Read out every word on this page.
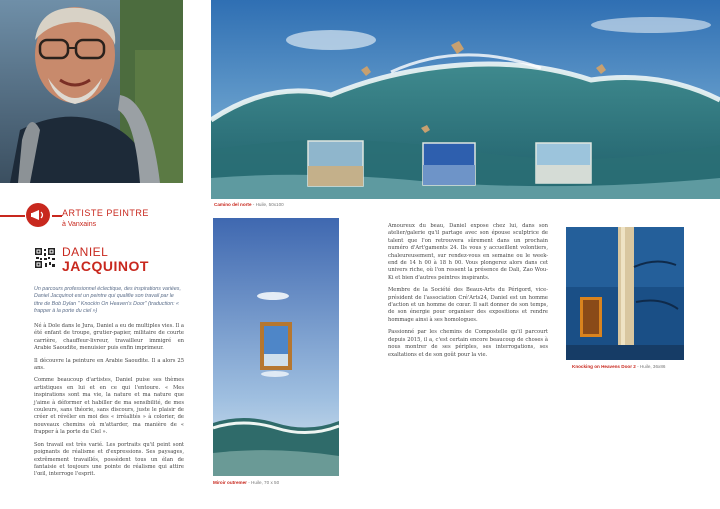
ARTISTE PEINTRE
à Vanxains
DANIEL
JACQUINOT
Un parcours professionnel éclectique, des inspirations variées, Daniel Jacquinot est un peintre qui qualifie son travail par le titre de Bob Dylan " Knockin On Heaven's Door" (traduction: « frapper à la porte du ciel »)

Né à Dole dans le Jura, Daniel a eu de multiples vies. Il a été enfant de troupe, grutier-papier, militaire de courte carrière, chauffeur-livreur, travailleur immigré en Arabie Saoudite, menuisier puis enfin imprimeur.

Il découvre la peinture en Arabie Saoudite. Il a alors 25 ans.

Comme beaucoup d'artistes, Daniel puise ses thèmes artistiques en lui et en ce qui l'entoure. « Mes inspirations sont ma vie, la nature et ma nature que j'aime à déformer et habiller de ma sensibilité, de mes couleurs, sans théorie, sans discours, juste le plaisir de créer et révéler en moi des « irréalités » à colorier, de nouveaux chemins où m'attarder, ma manière de « frapper à la porte du Ciel ».

Son travail est très varié. Les portraits qu'il peint sont poignants de réalisme et d'expressions. Ses paysages, extrêmement travaillés, possèdent tous un élan de fantaisie et toujours une pointe de réalisme qui attire l'œil, interroge l'esprit.

Camino del norte - Huile, 50x100
Miroir outremer - Huile, 70 x 50

Amoureux du beau, Daniel expose chez lui, dans son atelier/galerie qu'il partage avec son épouse sculptrice de talent que l'on retrouvera sûrement dans un prochain numéro d'Art'gaments 24. Ils vous y accueillent volontiers, chaleureusement, sur rendez-vous en semaine ou le week-end de 14 h 00 à 18 h 00. Vous plongerez alors dans cet univers riche, où l'on ressent la présence de Dali, Zao Wou-Ki et bien d'autres peintres inspirants.

Membre de la Société des Beaux-Arts du Périgord, vice-président de l'association Cré'Arts24, Daniel est un homme d'action et un homme de cœur. Il sait donner de son temps, de son énergie pour organiser des expositions et rendre hommage ainsi à ses homologues.

Passionné par les chemins de Compostelle qu'il parcourt depuis 2015, il a, c'est certain encore beaucoup de choses à nous montrer de ses périples, ses interrogations, ses exaltations et de son goût pour la vie.

Knocking on Heavens Door 2 - Huile, 36x86
